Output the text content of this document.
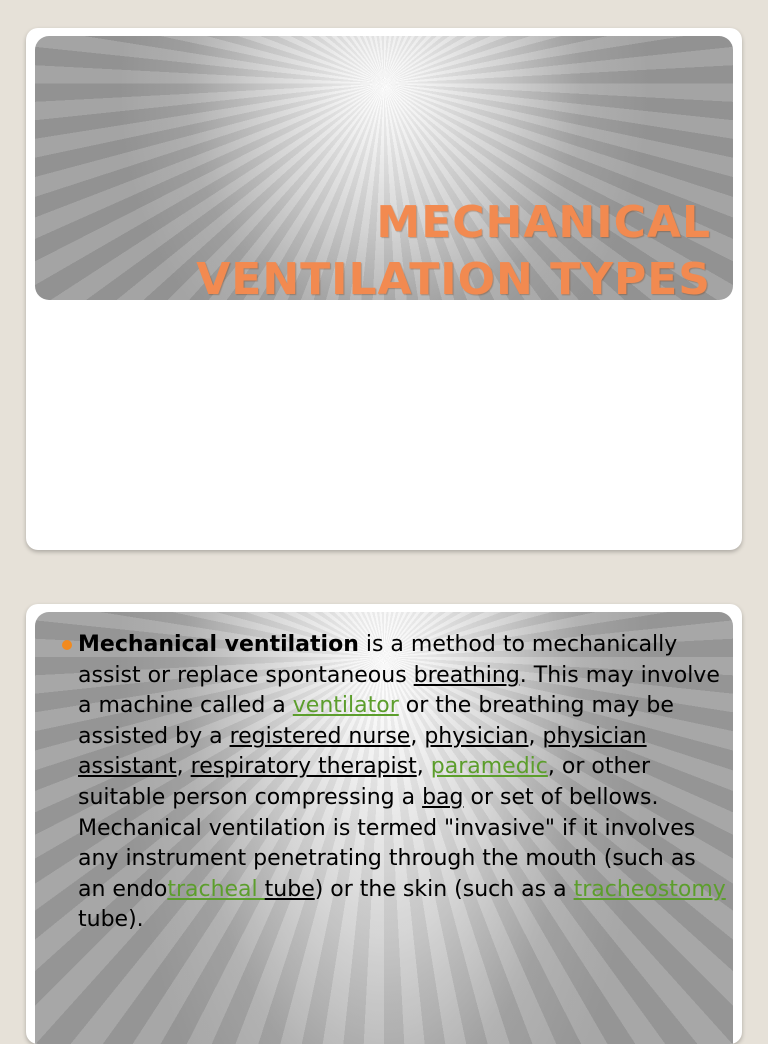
MECHANICAL
VENTILATION TYPES
Mechanical ventilation is a method to mechanically assist or replace spontaneous breathing. This may involve a machine called a ventilator or the breathing may be assisted by a registered nurse, physician, physician assistant, respiratory therapist, paramedic, or other suitable person compressing a bag or set of bellows. Mechanical ventilation is termed "invasive" if it involves any instrument penetrating through the mouth (such as an endotracheal tube) or the skin (such as a tracheostomy tube).
